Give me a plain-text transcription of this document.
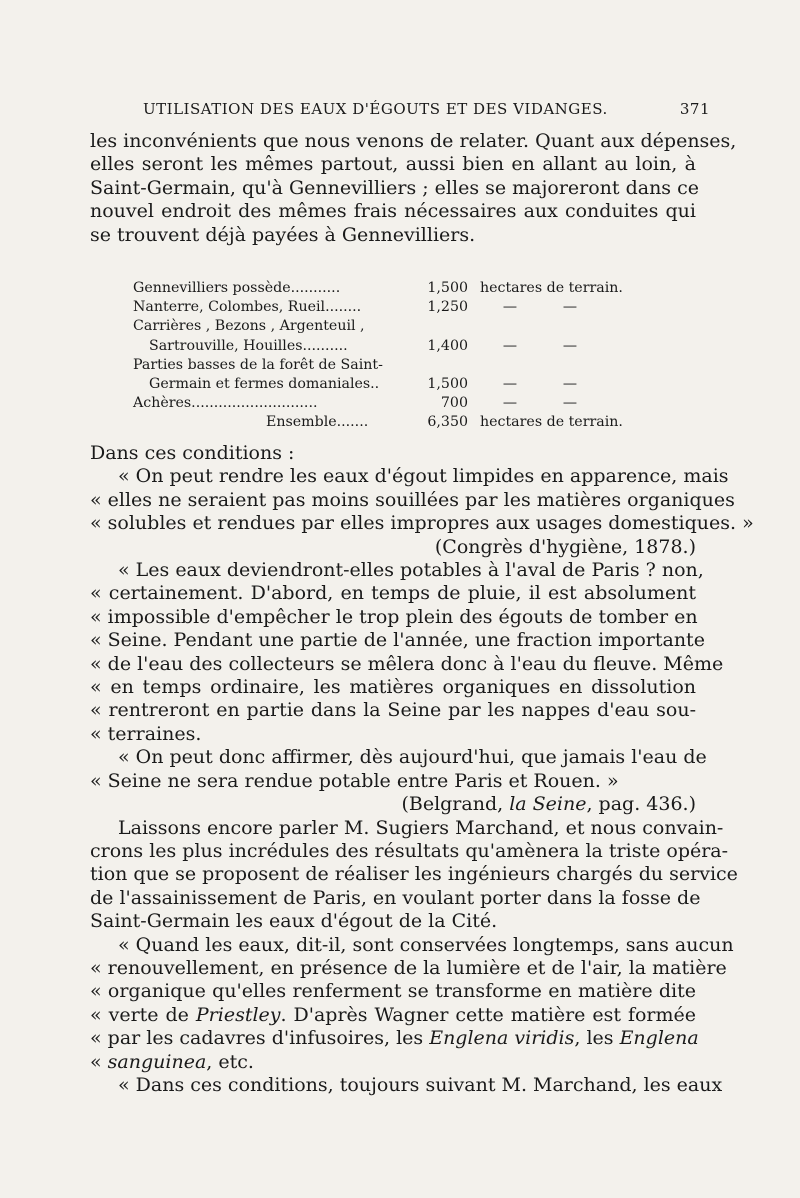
UTILISATION DES EAUX D'ÉGOUTS ET DES VIDANGES.	371
les inconvénients que nous venons de relater. Quant aux dépenses,
elles seront les mêmes partout, aussi bien en allant au loin, à
Saint-Germain, qu'à Gennevilliers ; elles se majoreront dans ce
nouvel endroit des mêmes frais nécessaires aux conduites qui
se trouvent déjà payées à Gennevilliers.
Gennevilliers possède...........	1,500 hectares de terrain.
Nanterre, Colombes, Rueil........	1,250	—	—
Carrières , Bezons , Argenteuil ,
Sartrouville, Houilles..........	1,400	—	—
Parties basses de la forêt de Saint-
Germain et fermes domaniales..	1,500	—	—
Achères............................	700	—	—
Ensemble.......	6,350 hectares de terrain.
Dans ces conditions :
« On peut rendre les eaux d'égout limpides en apparence, mais
« elles ne seraient pas moins souillées par les matières organiques
« solubles et rendues par elles impropres aux usages domestiques. »
(Congrès d'hygiène, 1878.)
« Les eaux deviendront-elles potables à l'aval de Paris ? non,
« certainement. D'abord, en temps de pluie, il est absolument
« impossible d'empêcher le trop plein des égouts de tomber en
« Seine. Pendant une partie de l'année, une fraction importante
« de l'eau des collecteurs se mêlera donc à l'eau du fleuve. Même
« en temps ordinaire, les matières organiques en dissolution
« rentreront en partie dans la Seine par les nappes d'eau sou-
« terraines.
« On peut donc affirmer, dès aujourd'hui, que jamais l'eau de
« Seine ne sera rendue potable entre Paris et Rouen. »
(Belgrand, la Seine, pag. 436.)
Laissons encore parler M. Sugiers Marchand, et nous convain-
crons les plus incrédules des résultats qu'amènera la triste opéra-
tion que se proposent de réaliser les ingénieurs chargés du service
de l'assainissement de Paris, en voulant porter dans la fosse de
Saint-Germain les eaux d'égout de la Cité.
« Quand les eaux, dit-il, sont conservées longtemps, sans aucun
« renouvellement, en présence de la lumière et de l'air, la matière
« organique qu'elles renferment se transforme en matière dite
« verte de Priestley. D'après Wagner cette matière est formée
« par les cadavres d'infusoires, les Englena viridis, les Englena
« sanguinea, etc.
« Dans ces conditions, toujours suivant M. Marchand, les eaux
